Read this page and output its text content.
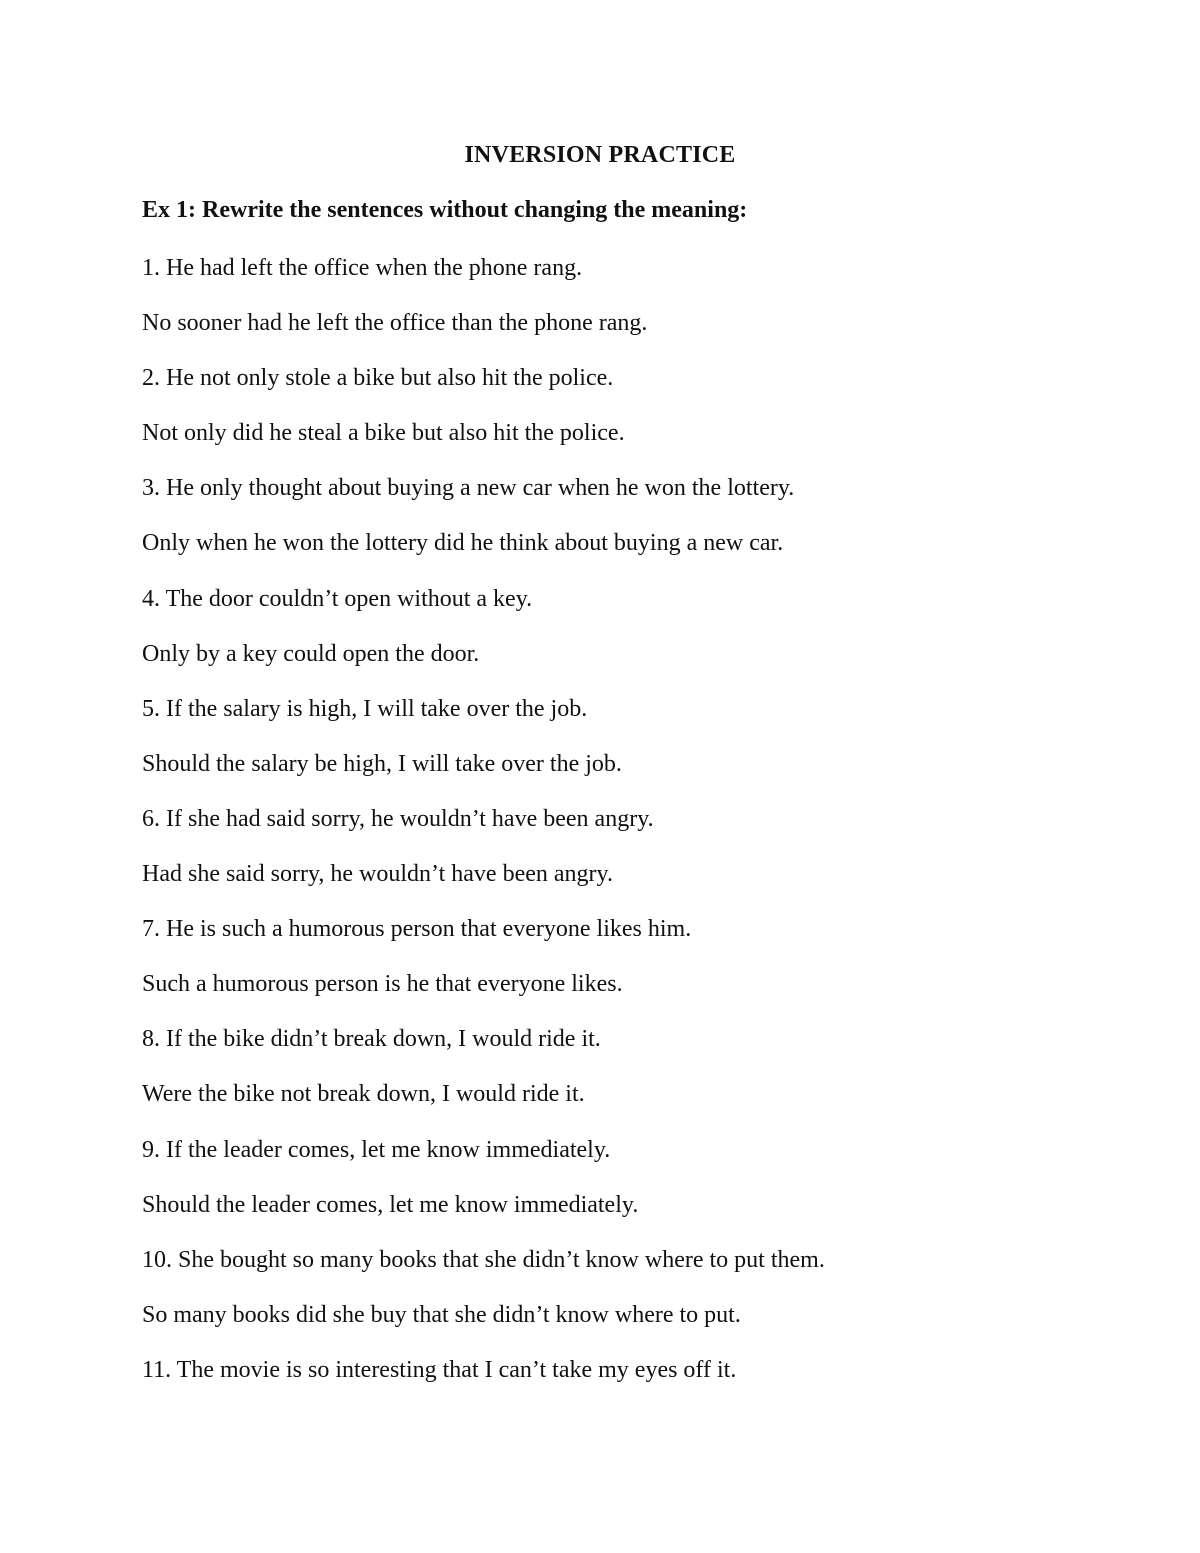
INVERSION PRACTICE
Ex 1: Rewrite the sentences without changing the meaning:
1. He had left the office when the phone rang.
No sooner had he left the office than the phone rang.
2. He not only stole a bike but also hit the police.
Not only did he steal a bike but also hit the police.
3. He only thought about buying a new car when he won the lottery.
Only when he won the lottery did he think about buying a new car.
4. The door couldn’t open without a key.
Only by a key could open the door.
5. If the salary is high, I will take over the job.
Should the salary be high, I will take over the job.
6. If she had said sorry, he wouldn’t have been angry.
Had she said sorry, he wouldn’t have been angry.
7. He is such a humorous person that everyone likes him.
Such a humorous person is he that everyone likes.
8. If the bike didn’t break down, I would ride it.
Were the bike not break down, I would ride it.
9. If the leader comes, let me know immediately.
Should the leader comes, let me know immediately.
10. She bought so many books that she didn’t know where to put them.
So many books did she buy that she didn’t know where to put.
11. The movie is so interesting that I can’t take my eyes off it.
